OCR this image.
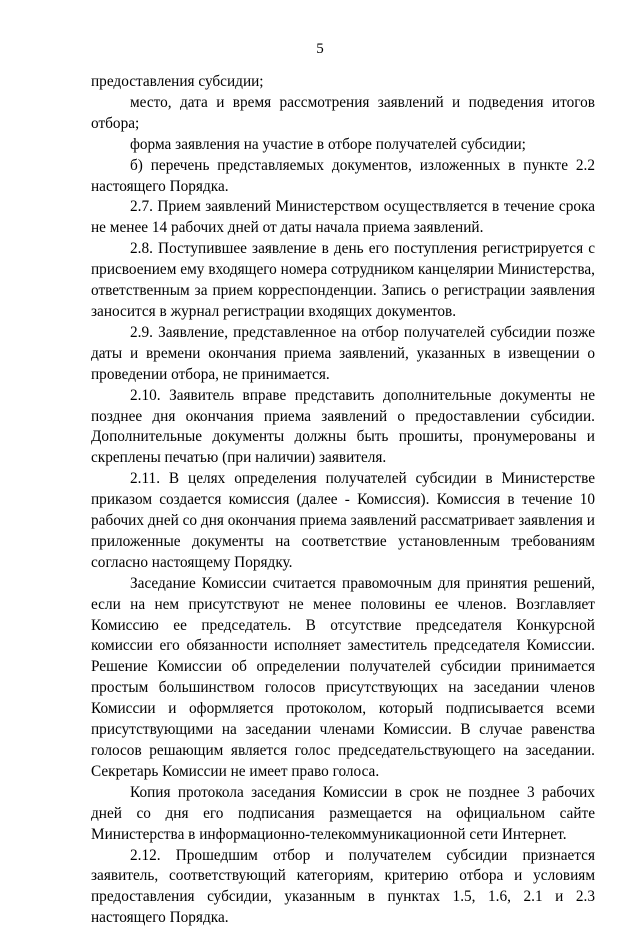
5

предоставления субсидии;

место, дата и время рассмотрения заявлений и подведения итогов отбора;

форма заявления на участие в отборе получателей субсидии;

б) перечень представляемых документов, изложенных в пункте 2.2 настоящего Порядка.

2.7. Прием заявлений Министерством осуществляется в течение срока не менее 14 рабочих дней от даты начала приема заявлений.

2.8. Поступившее заявление в день его поступления регистрируется с присвоением ему входящего номера сотрудником канцелярии Министерства, ответственным за прием корреспонденции. Запись о регистрации заявления заносится в журнал регистрации входящих документов.

2.9. Заявление, представленное на отбор получателей субсидии позже даты и времени окончания приема заявлений, указанных в извещении о проведении отбора, не принимается.

2.10. Заявитель вправе представить дополнительные документы не позднее дня окончания приема заявлений о предоставлении субсидии. Дополнительные документы должны быть прошиты, пронумерованы и скреплены печатью (при наличии) заявителя.

2.11. В целях определения получателей субсидии в Министерстве приказом создается комиссия (далее - Комиссия). Комиссия в течение 10 рабочих дней со дня окончания приема заявлений рассматривает заявления и приложенные документы на соответствие установленным требованиям согласно настоящему Порядку.

Заседание Комиссии считается правомочным для принятия решений, если на нем присутствуют не менее половины ее членов. Возглавляет Комиссию ее председатель. В отсутствие председателя Конкурсной комиссии его обязанности исполняет заместитель председателя Комиссии. Решение Комиссии об определении получателей субсидии принимается простым большинством голосов присутствующих на заседании членов Комиссии и оформляется протоколом, который подписывается всеми присутствующими на заседании членами Комиссии. В случае равенства голосов решающим является голос председательствующего на заседании. Секретарь Комиссии не имеет право голоса.

Копия протокола заседания Комиссии в срок не позднее 3 рабочих дней со дня его подписания размещается на официальном сайте Министерства в информационно-телекоммуникационной сети Интернет.

2.12. Прошедшим отбор и получателем субсидии признается заявитель, соответствующий категориям, критерию отбора и условиям предоставления субсидии, указанным в пунктах 1.5, 1.6, 2.1 и 2.3 настоящего Порядка.
